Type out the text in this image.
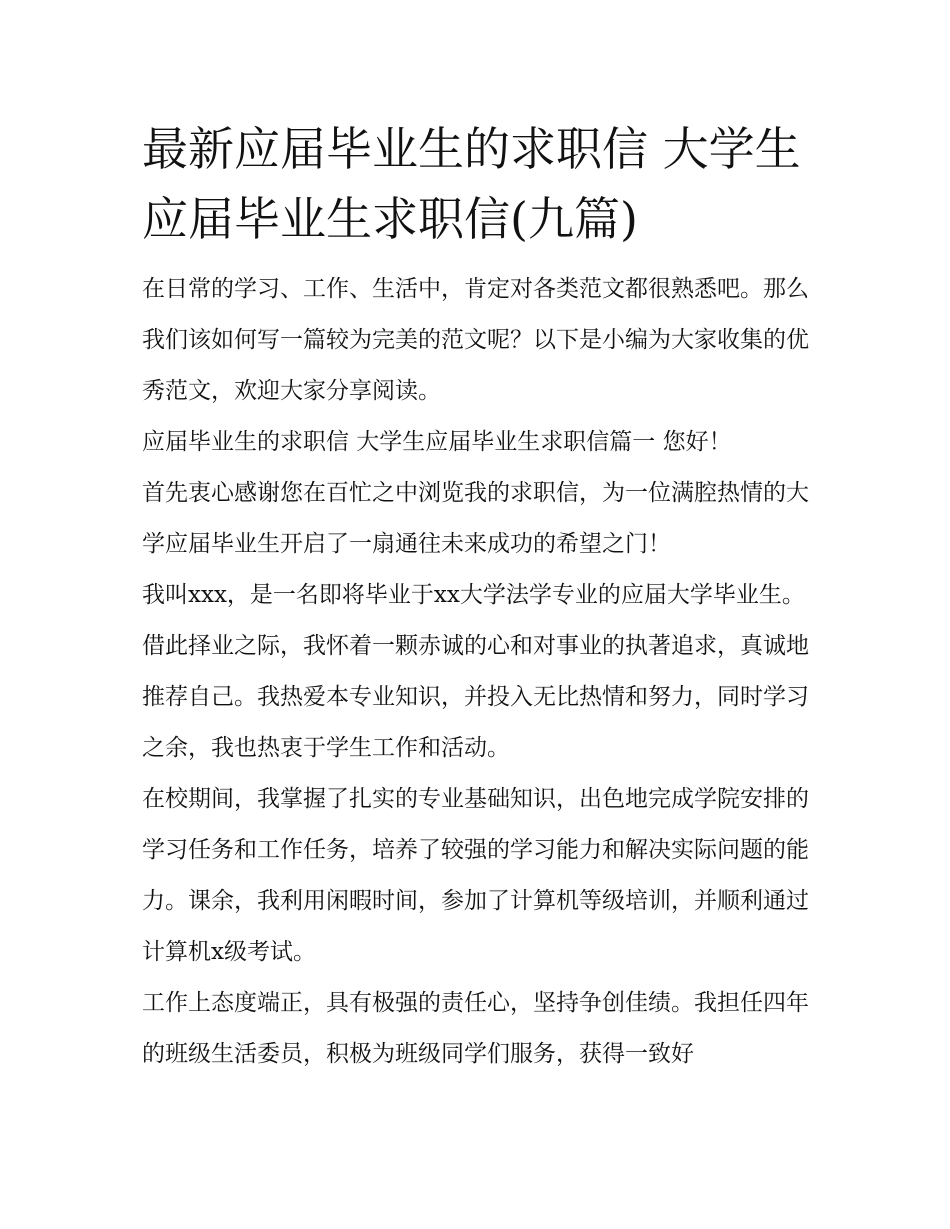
最新应届毕业生的求职信 大学生应届毕业生求职信(九篇)

在日常的学习、工作、生活中，肯定对各类范文都很熟悉吧。那么我们该如何写一篇较为完美的范文呢？以下是小编为大家收集的优秀范文，欢迎大家分享阅读。

应届毕业生的求职信 大学生应届毕业生求职信篇一 您好！

首先衷心感谢您在百忙之中浏览我的求职信，为一位满腔热情的大学应届毕业生开启了一扇通往未来成功的希望之门！

我叫xxx，是一名即将毕业于xx大学法学专业的应届大学毕业生。借此择业之际，我怀着一颗赤诚的心和对事业的执著追求，真诚地推荐自己。我热爱本专业知识，并投入无比热情和努力，同时学习之余，我也热衷于学生工作和活动。

在校期间，我掌握了扎实的专业基础知识，出色地完成学院安排的学习任务和工作任务，培养了较强的学习能力和解决实际问题的能力。课余，我利用闲暇时间，参加了计算机等级培训，并顺利通过计算机x级考试。

工作上态度端正，具有极强的责任心，坚持争创佳绩。我担任四年的班级生活委员，积极为班级同学们服务，获得一致好
